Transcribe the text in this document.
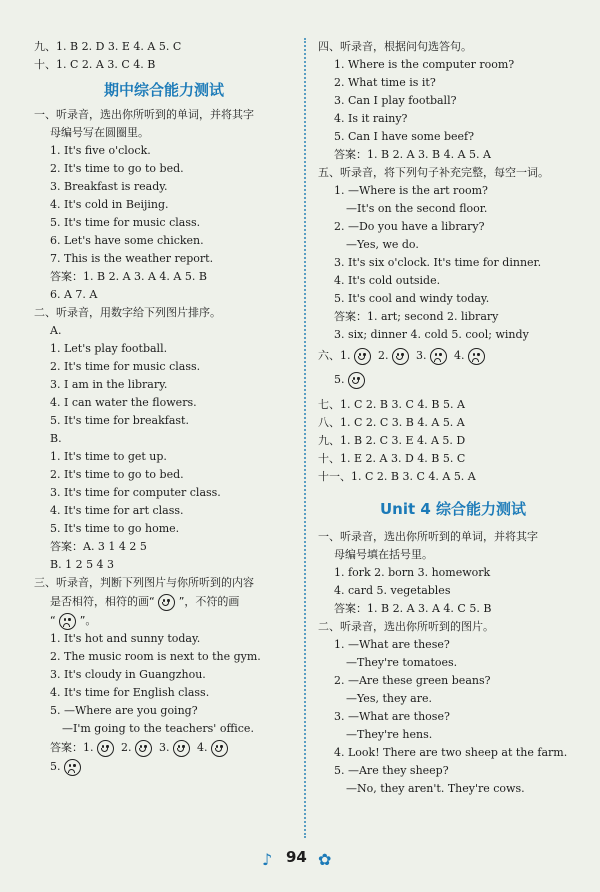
九、1. B 2. D 3. E 4. A 5. C
十、1. C 2. A 3. C 4. B
期中综合能力测试
一、听录音，选出你所听到的单词，并将其字
母编号写在圆圈里。
1. It's five o'clock.
2. It's time to go to bed.
3. Breakfast is ready.
4. It's cold in Beijing.
5. It's time for music class.
6. Let's have some chicken.
7. This is the weather report.
答案：1. B 2. A 3. A 4. A 5. B
6. A 7. A
二、听录音，用数字给下列图片排序。
A.
1. Let's play football.
2. It's time for music class.
3. I am in the library.
4. I can water the flowers.
5. It's time for breakfast.
B.
1. It's time to get up.
2. It's time to go to bed.
3. It's time for computer class.
4. It's time for art class.
5. It's time to go home.
答案：A. 3 1 4 2 5
B. 1 2 5 4 3
三、听录音，判断下列图片与你所听到的内容
是否相符，相符的画“ ”，不符的画
“ ”。
1. It's hot and sunny today.
2. The music room is next to the gym.
3. It's cloudy in Guangzhou.
4. It's time for English class.
5. —Where are you going?
—I'm going to the teachers' office.
答案：1.	2.	3.	4.
5.
四、听录音，根据问句选答句。
1. Where is the computer room?
2. What time is it?
3. Can I play football?
4. Is it rainy?
5. Can I have some beef?
答案：1. B 2. A 3. B 4. A 5. A
五、听录音，将下列句子补充完整，每空一词。
1. —Where is the art room?
—It's on the second floor.
2. —Do you have a library?
—Yes, we do.
3. It's six o'clock. It's time for dinner.
4. It's cold outside.
5. It's cool and windy today.
答案：1. art; second 2. library
3. six; dinner 4. cold 5. cool; windy
六、1.	2.	3.	4.
5.
七、1. C 2. B 3. C 4. B 5. A
八、1. C 2. C 3. B 4. A 5. A
九、1. B 2. C 3. E 4. A 5. D
十、1. E 2. A 3. D 4. B 5. C
十一、1. C 2. B 3. C 4. A 5. A
Unit 4 综合能力测试
一、听录音，选出你所听到的单词，并将其字
母编号填在括号里。
1. fork 2. born 3. homework
4. card 5. vegetables
答案：1. B 2. A 3. A 4. C 5. B
二、听录音，选出你所听到的图片。
1. —What are these?
—They're tomatoes.
2. —Are these green beans?
—Yes, they are.
3. —What are those?
—They're hens.
4. Look! There are two sheep at the farm.
5. —Are they sheep?
—No, they aren't. They're cows.
♪ 94 ✿
